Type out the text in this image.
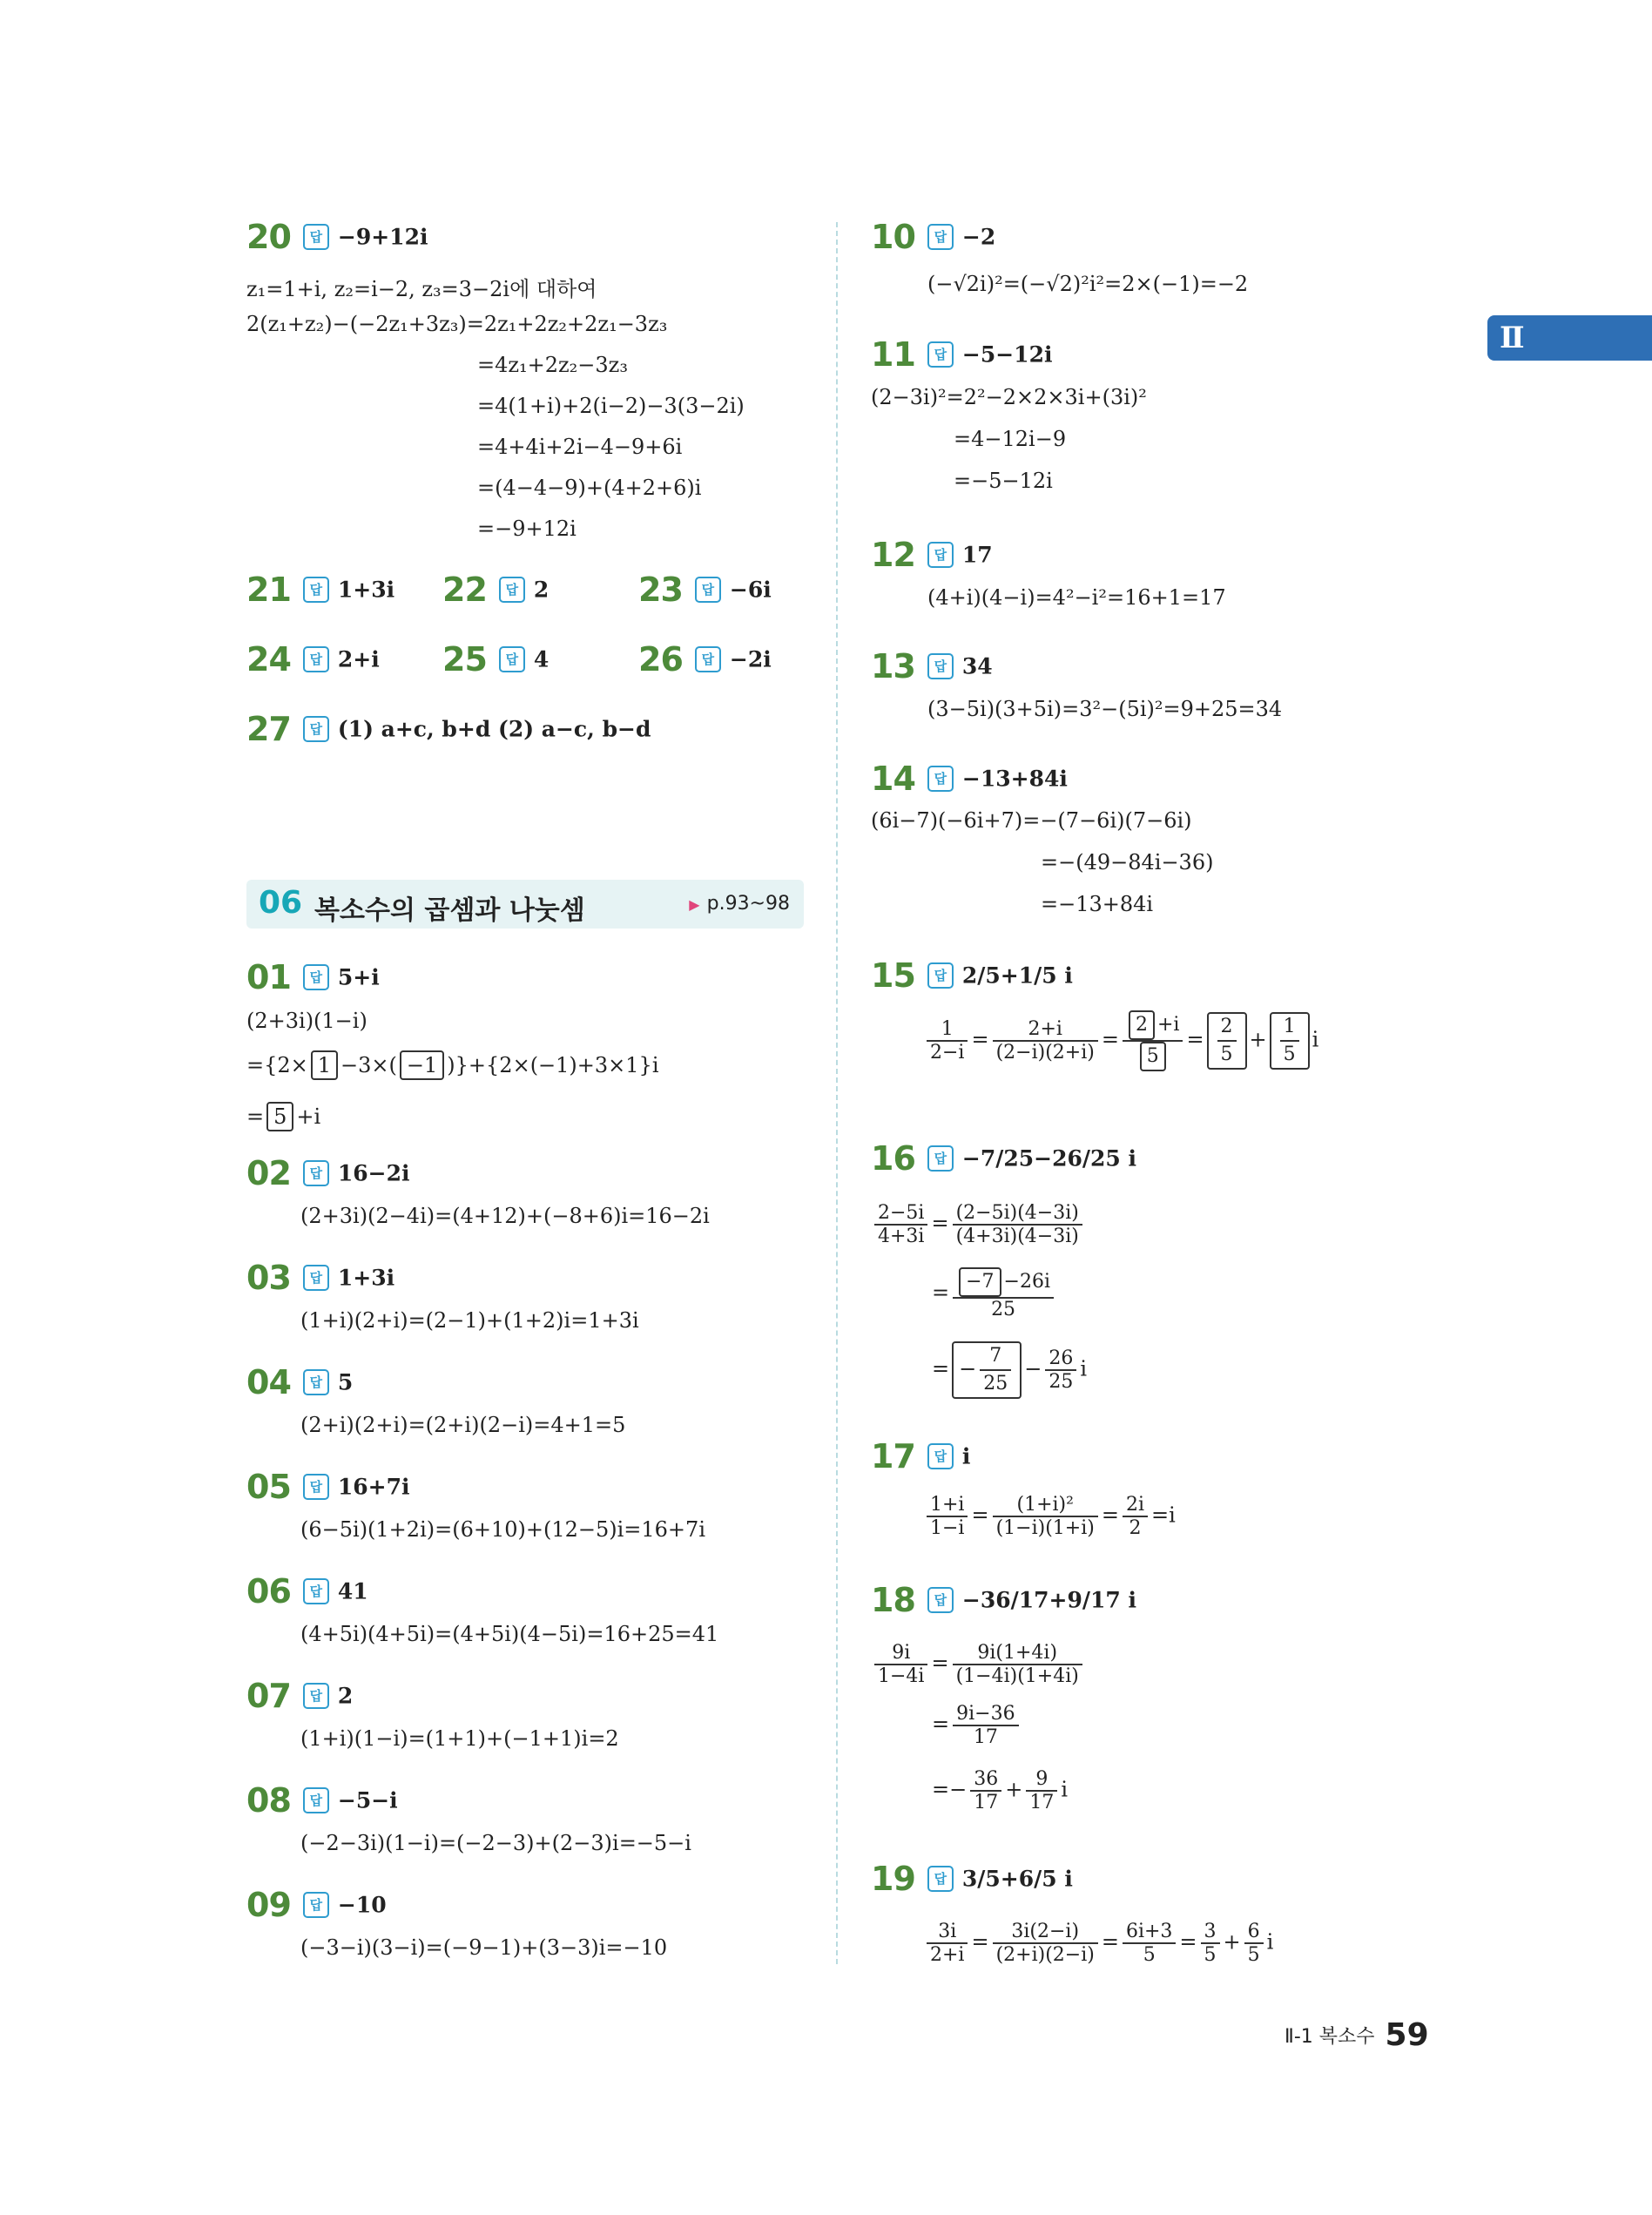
Ⅱ
20 답 −9+12i
z₁=1+i, z₂=i−2, z₃=3−2i에 대하여
2(z₁+z₂)−(−2z₁+3z₃)=2z₁+2z₂+2z₁−3z₃
=4z₁+2z₂−3z₃
=4(1+i)+2(i−2)−3(3−2i)
=4+4i+2i−4−9+6i
=(4−4−9)+(4+2+6)i
=−9+12i
21 답 1+3i 22 답 2	23 답 −6i
24 답 2+i 25 답 4	26 답 −2i
27 답 (1) a+c, b+d (2) a−c, b−d
06 복소수의 곱셈과 나눗셈	▶ p.93~98
01 답 5+i
(2+3i)(1−i)
={2× 1 −3×( −1 )}+{2×(−1)+3×1}i
= 5 +i
02 답 16−2i
(2+3i)(2−4i)=(4+12)+(−8+6)i=16−2i
03 답 1+3i
(1+i)(2+i)=(2−1)+(1+2)i=1+3i
04 답 5
(2+i)(2+i)=(2+i)(2−i)=4+1=5
05 답 16+7i
(6−5i)(1+2i)=(6+10)+(12−5)i=16+7i
06 답 41
(4+5i)(4+5i)=(4+5i)(4−5i)=16+25=41
07 답 2
(1+i)(1−i)=(1+1)+(−1+1)i=2
08 답 −5−i
(−2−3i)(1−i)=(−2−3)+(2−3)i=−5−i
09 답 −10
(−3−i)(3−i)=(−9−1)+(3−3)i=−10
10 답 −2
(−√2i)²=(−√2)²i²=2×(−1)=−2
11 답 −5−12i
(2−3i)²=2²−2×2×3i+(3i)²
=4−12i−9
=−5−12i
12 답 17
(4+i)(4−i)=4²−i²=16+1=17
13 답 34
(3−5i)(3+5i)=3²−(5i)²=9+25=34
14 답 −13+84i
(6i−7)(−6i+7)=−(7−6i)(7−6i)
=−(49−84i−36)
=−13+84i
15 답 2/5+1/5 i
$\frac{1}{2-i} = \frac{2+i}{(2-i)(2+i)} = \frac{2 +i}{5} = \frac{2}{5} + \frac{1}{5}$ i
16 답 −7/25−26/25 i
$\frac{2-5i}{4+3i} = \frac{(2-5i)(4-3i)}{(4+3i)(4-3i)}$
= $\frac{-7 -26i}{25}$
= − $\frac{7}{25} - \frac{26}{25}$ i
17 답 i
$\frac{1+i}{1-i} = \frac{\text{(1+i)²}}{(1-i)(1+i)} = \frac{2i}{2} =i$
18 답 −36/17+9/17 i
$\frac{9i}{1-4i} = \frac{9i(1+4i)}{(1-4i)(1+4i)}$
= $\frac{9i-36}{17}$
=− $\frac{36}{17} + \frac{9}{17}$ i
19 답 3/5+6/5 i
$\frac{3i}{2+i} = \frac{3i(2-i)}{(2+i)(2-i)} = \frac{6i+3}{5} = \frac{3}{5} + \frac{6}{5}$ i
Ⅱ-1 복소수 59
